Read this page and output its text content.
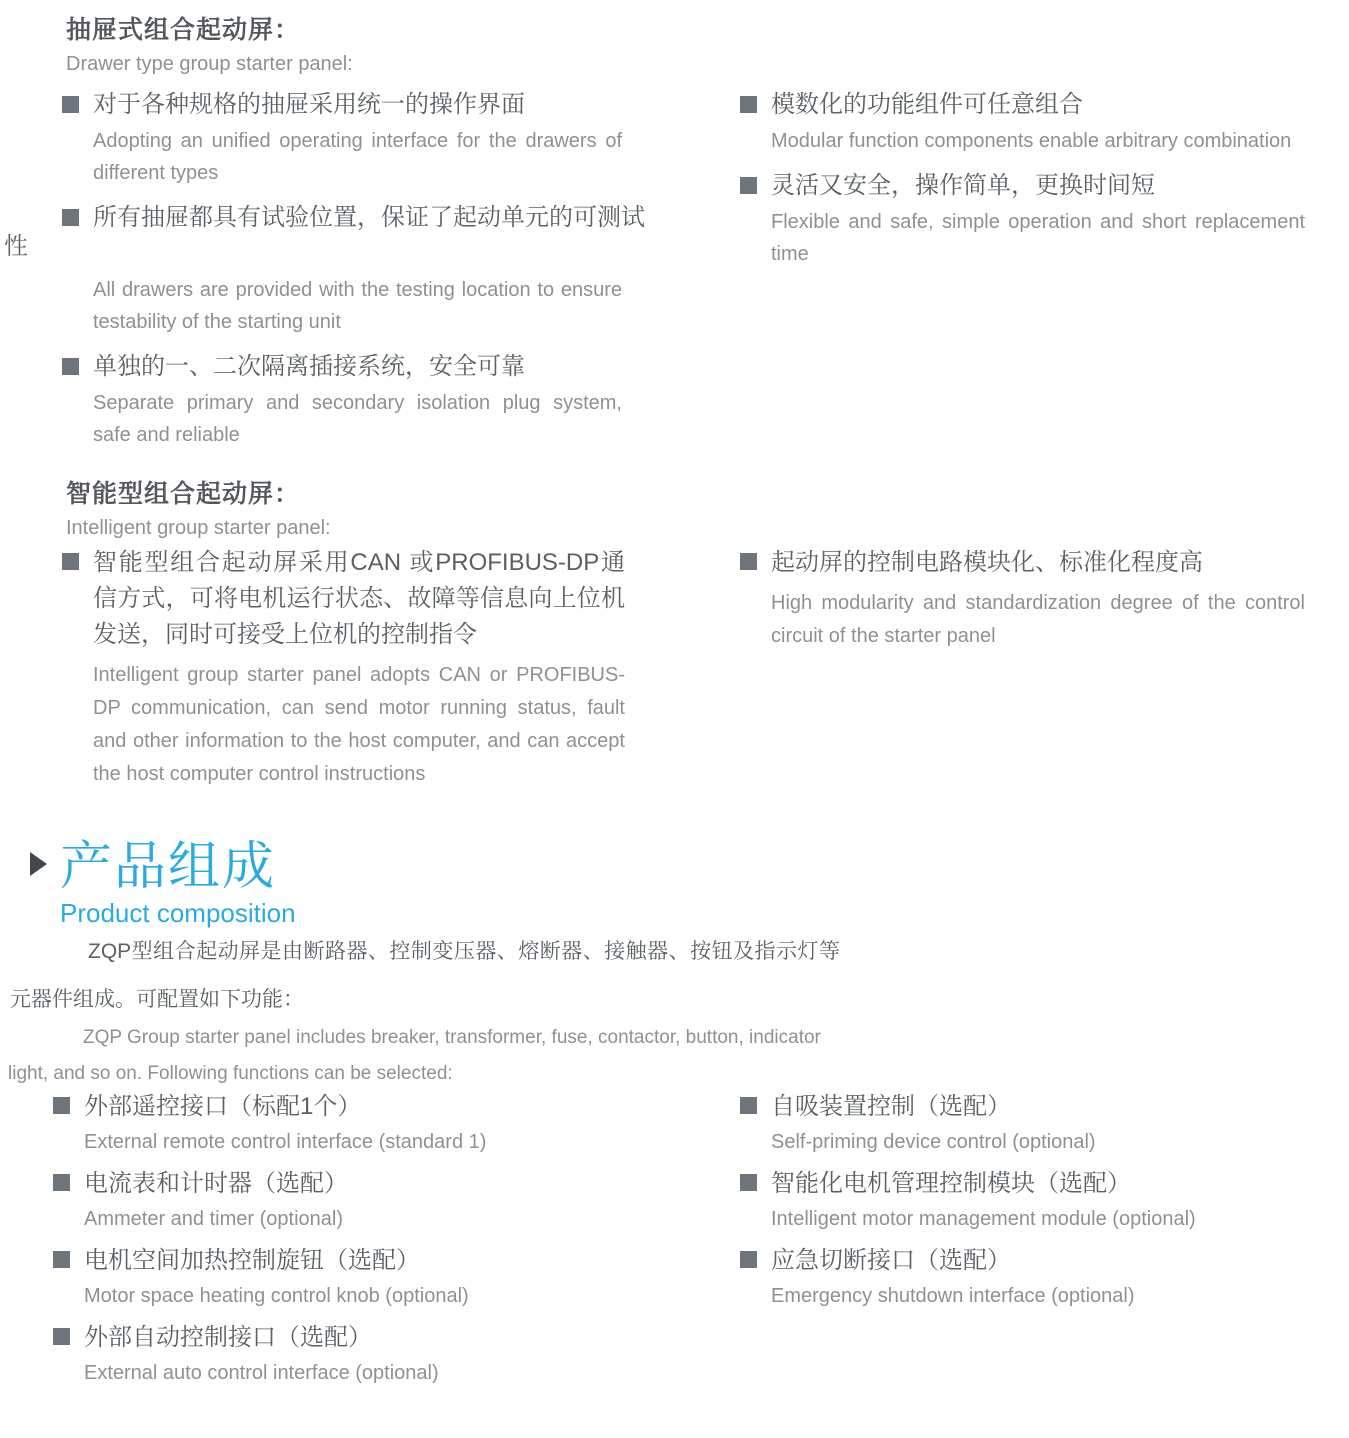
抽屉式组合起动屏：
Drawer type group starter panel:
对于各种规格的抽屉采用统一的操作界面
Adopting an unified operating interface for the drawers of different types
所有抽屉都具有试验位置，保证了起动单元的可测试
All drawers are provided with the testing location to ensure testability of the starting unit
单独的一、二次隔离插接系统，安全可靠
Separate primary and secondary isolation plug system, safe and reliable
性
模数化的功能组件可任意组合
Modular function components enable arbitrary combination
灵活又安全，操作简单，更换时间短
Flexible and safe, simple operation and short replacement time
智能型组合起动屏：
Intelligent group starter panel:
智能型组合起动屏采用CAN 或PROFIBUS-DP通信方式，可将电机运行状态、故障等信息向上位机发送，同时可接受上位机的控制指令
Intelligent group starter panel adopts CAN or PROFIBUS-DP communication, can send motor running status, fault and other information to the host computer, and can accept the host computer control instructions
起动屏的控制电路模块化、标准化程度高
High modularity and standardization degree of the control circuit of the starter panel
产品组成
Product composition
ZQP型组合起动屏是由断路器、控制变压器、熔断器、接触器、按钮及指示灯等元器件组成。可配置如下功能：
ZQP Group starter panel includes breaker, transformer, fuse, contactor, button, indicator light, and so on. Following functions can be selected:
外部遥控接口（标配1个）
External remote control interface (standard 1)
电流表和计时器（选配）
Ammeter and timer (optional)
电机空间加热控制旋钮（选配）
Motor space heating control knob (optional)
外部自动控制接口（选配）
External auto control interface (optional)
自吸装置控制（选配）
Self-priming device control (optional)
智能化电机管理控制模块（选配）
Intelligent motor management module (optional)
应急切断接口（选配）
Emergency shutdown interface (optional)
